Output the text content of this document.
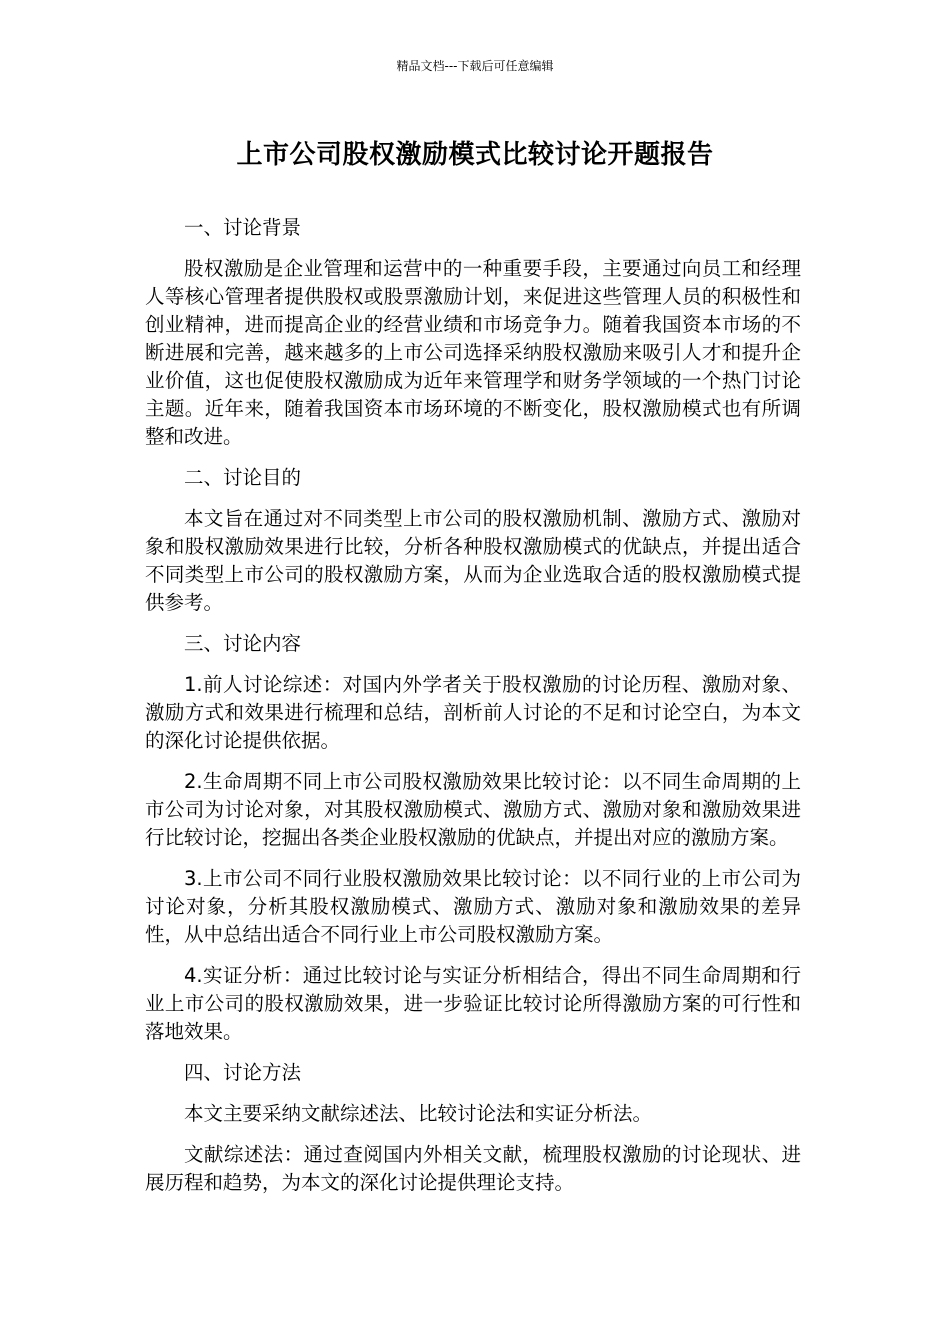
精品文档---下载后可任意编辑
上市公司股权激励模式比较讨论开题报告

一、讨论背景

股权激励是企业管理和运营中的一种重要手段，主要通过向员工和经理人等核心管理者提供股权或股票激励计划，来促进这些管理人员的积极性和创业精神，进而提高企业的经营业绩和市场竞争力。随着我国资本市场的不断进展和完善，越来越多的上市公司选择采纳股权激励来吸引人才和提升企业价值，这也促使股权激励成为近年来管理学和财务学领域的一个热门讨论主题。近年来，随着我国资本市场环境的不断变化，股权激励模式也有所调整和改进。

二、讨论目的

本文旨在通过对不同类型上市公司的股权激励机制、激励方式、激励对象和股权激励效果进行比较，分析各种股权激励模式的优缺点，并提出适合不同类型上市公司的股权激励方案，从而为企业选取合适的股权激励模式提供参考。

三、讨论内容

1.前人讨论综述：对国内外学者关于股权激励的讨论历程、激励对象、激励方式和效果进行梳理和总结，剖析前人讨论的不足和讨论空白，为本文的深化讨论提供依据。

2.生命周期不同上市公司股权激励效果比较讨论：以不同生命周期的上市公司为讨论对象，对其股权激励模式、激励方式、激励对象和激励效果进行比较讨论，挖掘出各类企业股权激励的优缺点，并提出对应的激励方案。

3.上市公司不同行业股权激励效果比较讨论：以不同行业的上市公司为讨论对象，分析其股权激励模式、激励方式、激励对象和激励效果的差异性，从中总结出适合不同行业上市公司股权激励方案。

4.实证分析：通过比较讨论与实证分析相结合，得出不同生命周期和行业上市公司的股权激励效果，进一步验证比较讨论所得激励方案的可行性和落地效果。

四、讨论方法

本文主要采纳文献综述法、比较讨论法和实证分析法。

文献综述法：通过查阅国内外相关文献，梳理股权激励的讨论现状、进展历程和趋势，为本文的深化讨论提供理论支持。
